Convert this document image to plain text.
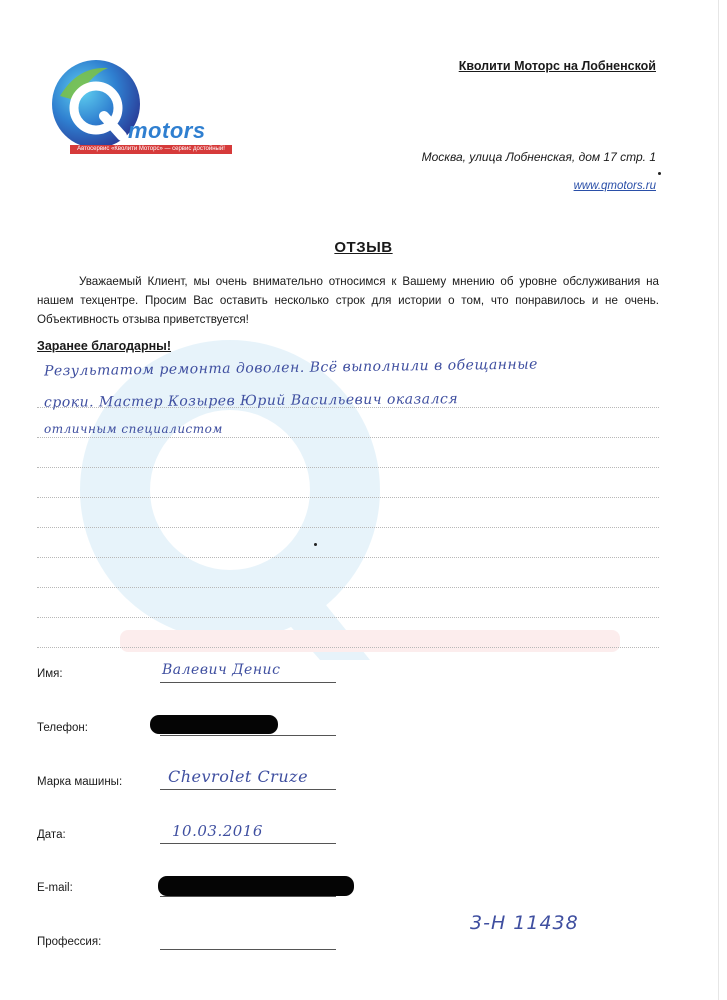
motors
Автосервис «Кволити Моторс» — сервис достойный!
Кволити Моторс на Лобненской
Москва, улица Лобненская, дом 17 стр. 1
www.qmotors.ru
ОТЗЫВ
Уважаемый Клиент, мы очень внимательно относимся к Вашему мнению об уровне обслуживания на нашем техцентре. Просим Вас оставить несколько строк для истории о том, что понравилось и не очень. Объективность отзыва приветствуется!
Заранее благодарны!
Результатом ремонта доволен. Всё выполнили в обещанные
сроки. Мастер Козырев Юрий Васильевич оказался
отличным специалистом
Имя:	Валевич Денис
Телефон:
Марка машины:	Chevrolet Cruze
Дата:	10.03.2016
E-mail:
Профессия:
3-Н 11438
